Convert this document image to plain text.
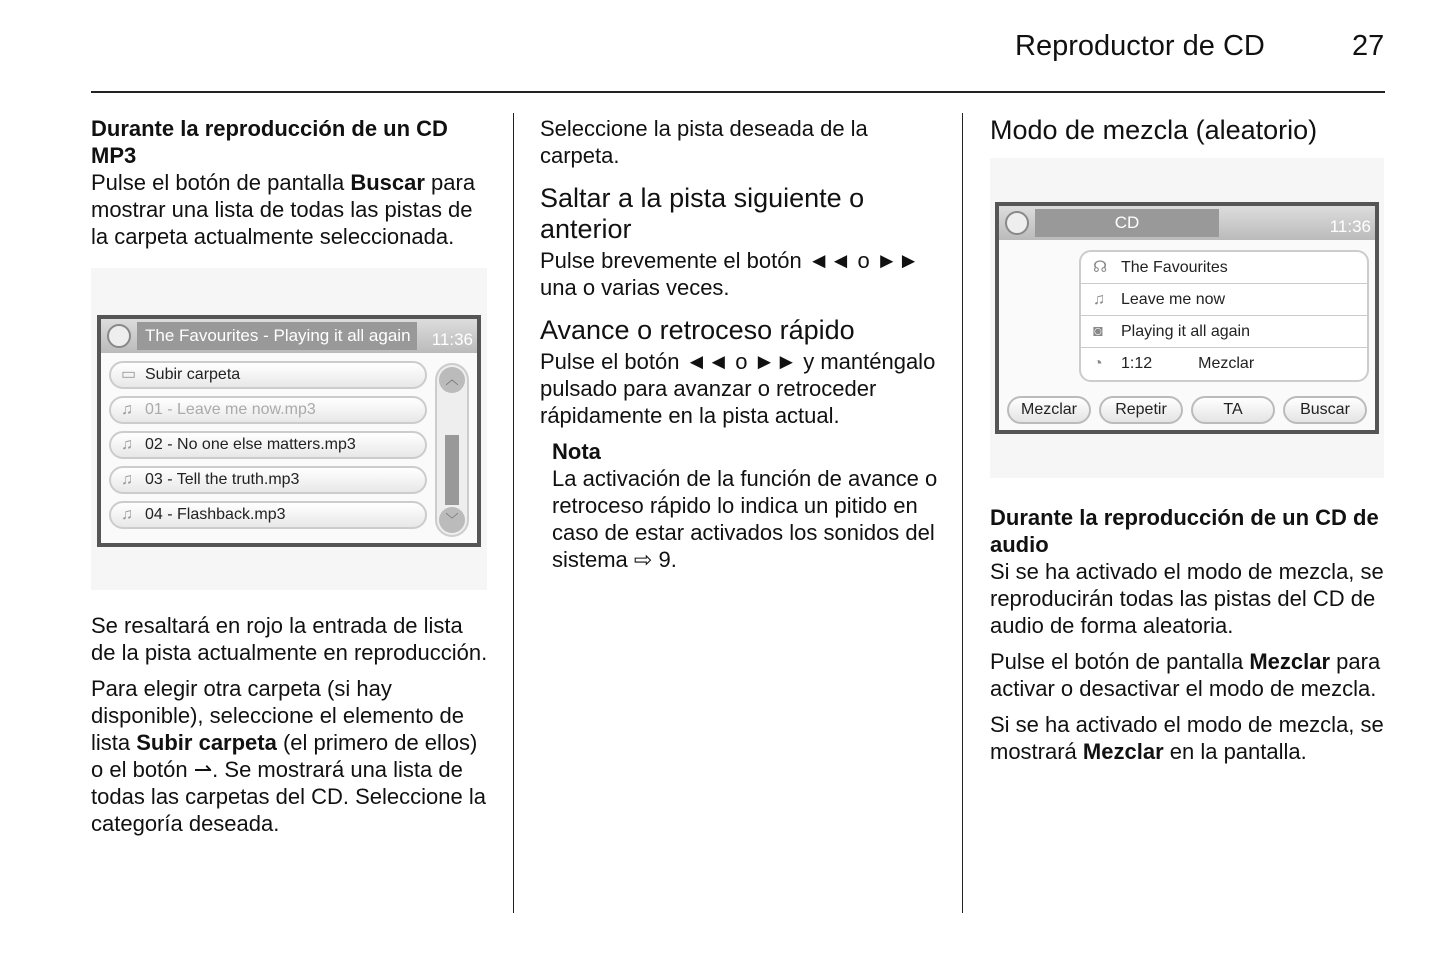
Reproductor de CD	27

Durante la reproducción de un CD MP3
Pulse el botón de pantalla Buscar para mostrar una lista de todas las pistas de la carpeta actualmente seleccionada.

The Favourites - Playing it all again	11:36
▭ Subir carpeta
♫ 01 - Leave me now.mp3
♫ 02 - No one else matters.mp3
♫ 03 - Tell the truth.mp3
♫ 04 - Flashback.mp3
︿
﹀

Se resaltará en rojo la entrada de lista de la pista actualmente en reproducción.

Para elegir otra carpeta (si hay disponible), seleccione el elemento de lista Subir carpeta (el primero de ellos) o el botón ⇀. Se mostrará una lista de todas las carpetas del CD. Seleccione la categoría deseada.

Seleccione la pista deseada de la carpeta.

Saltar a la pista siguiente o anterior

Pulse brevemente el botón ◄◄ o ►► una o varias veces.

Avance o retroceso rápido

Pulse el botón ◄◄ o ►► y manténgalo pulsado para avanzar o retroceder rápidamente en la pista actual.

Nota
La activación de la función de avance o retroceso rápido lo indica un pitido en caso de estar activados los sonidos del sistema ⇨ 9.
Modo de mezcla (aleatorio)
CD	11:36
☊ The Favourites
♫ Leave me now
◙ Playing it all again
◔ 1:12	Mezclar
Mezclar	Repetir	TA	Buscar

Durante la reproducción de un CD de audio
Si se ha activado el modo de mezcla, se reproducirán todas las pistas del CD de audio de forma aleatoria.

Pulse el botón de pantalla Mezclar para activar o desactivar el modo de mezcla.

Si se ha activado el modo de mezcla, se mostrará Mezclar en la pantalla.
